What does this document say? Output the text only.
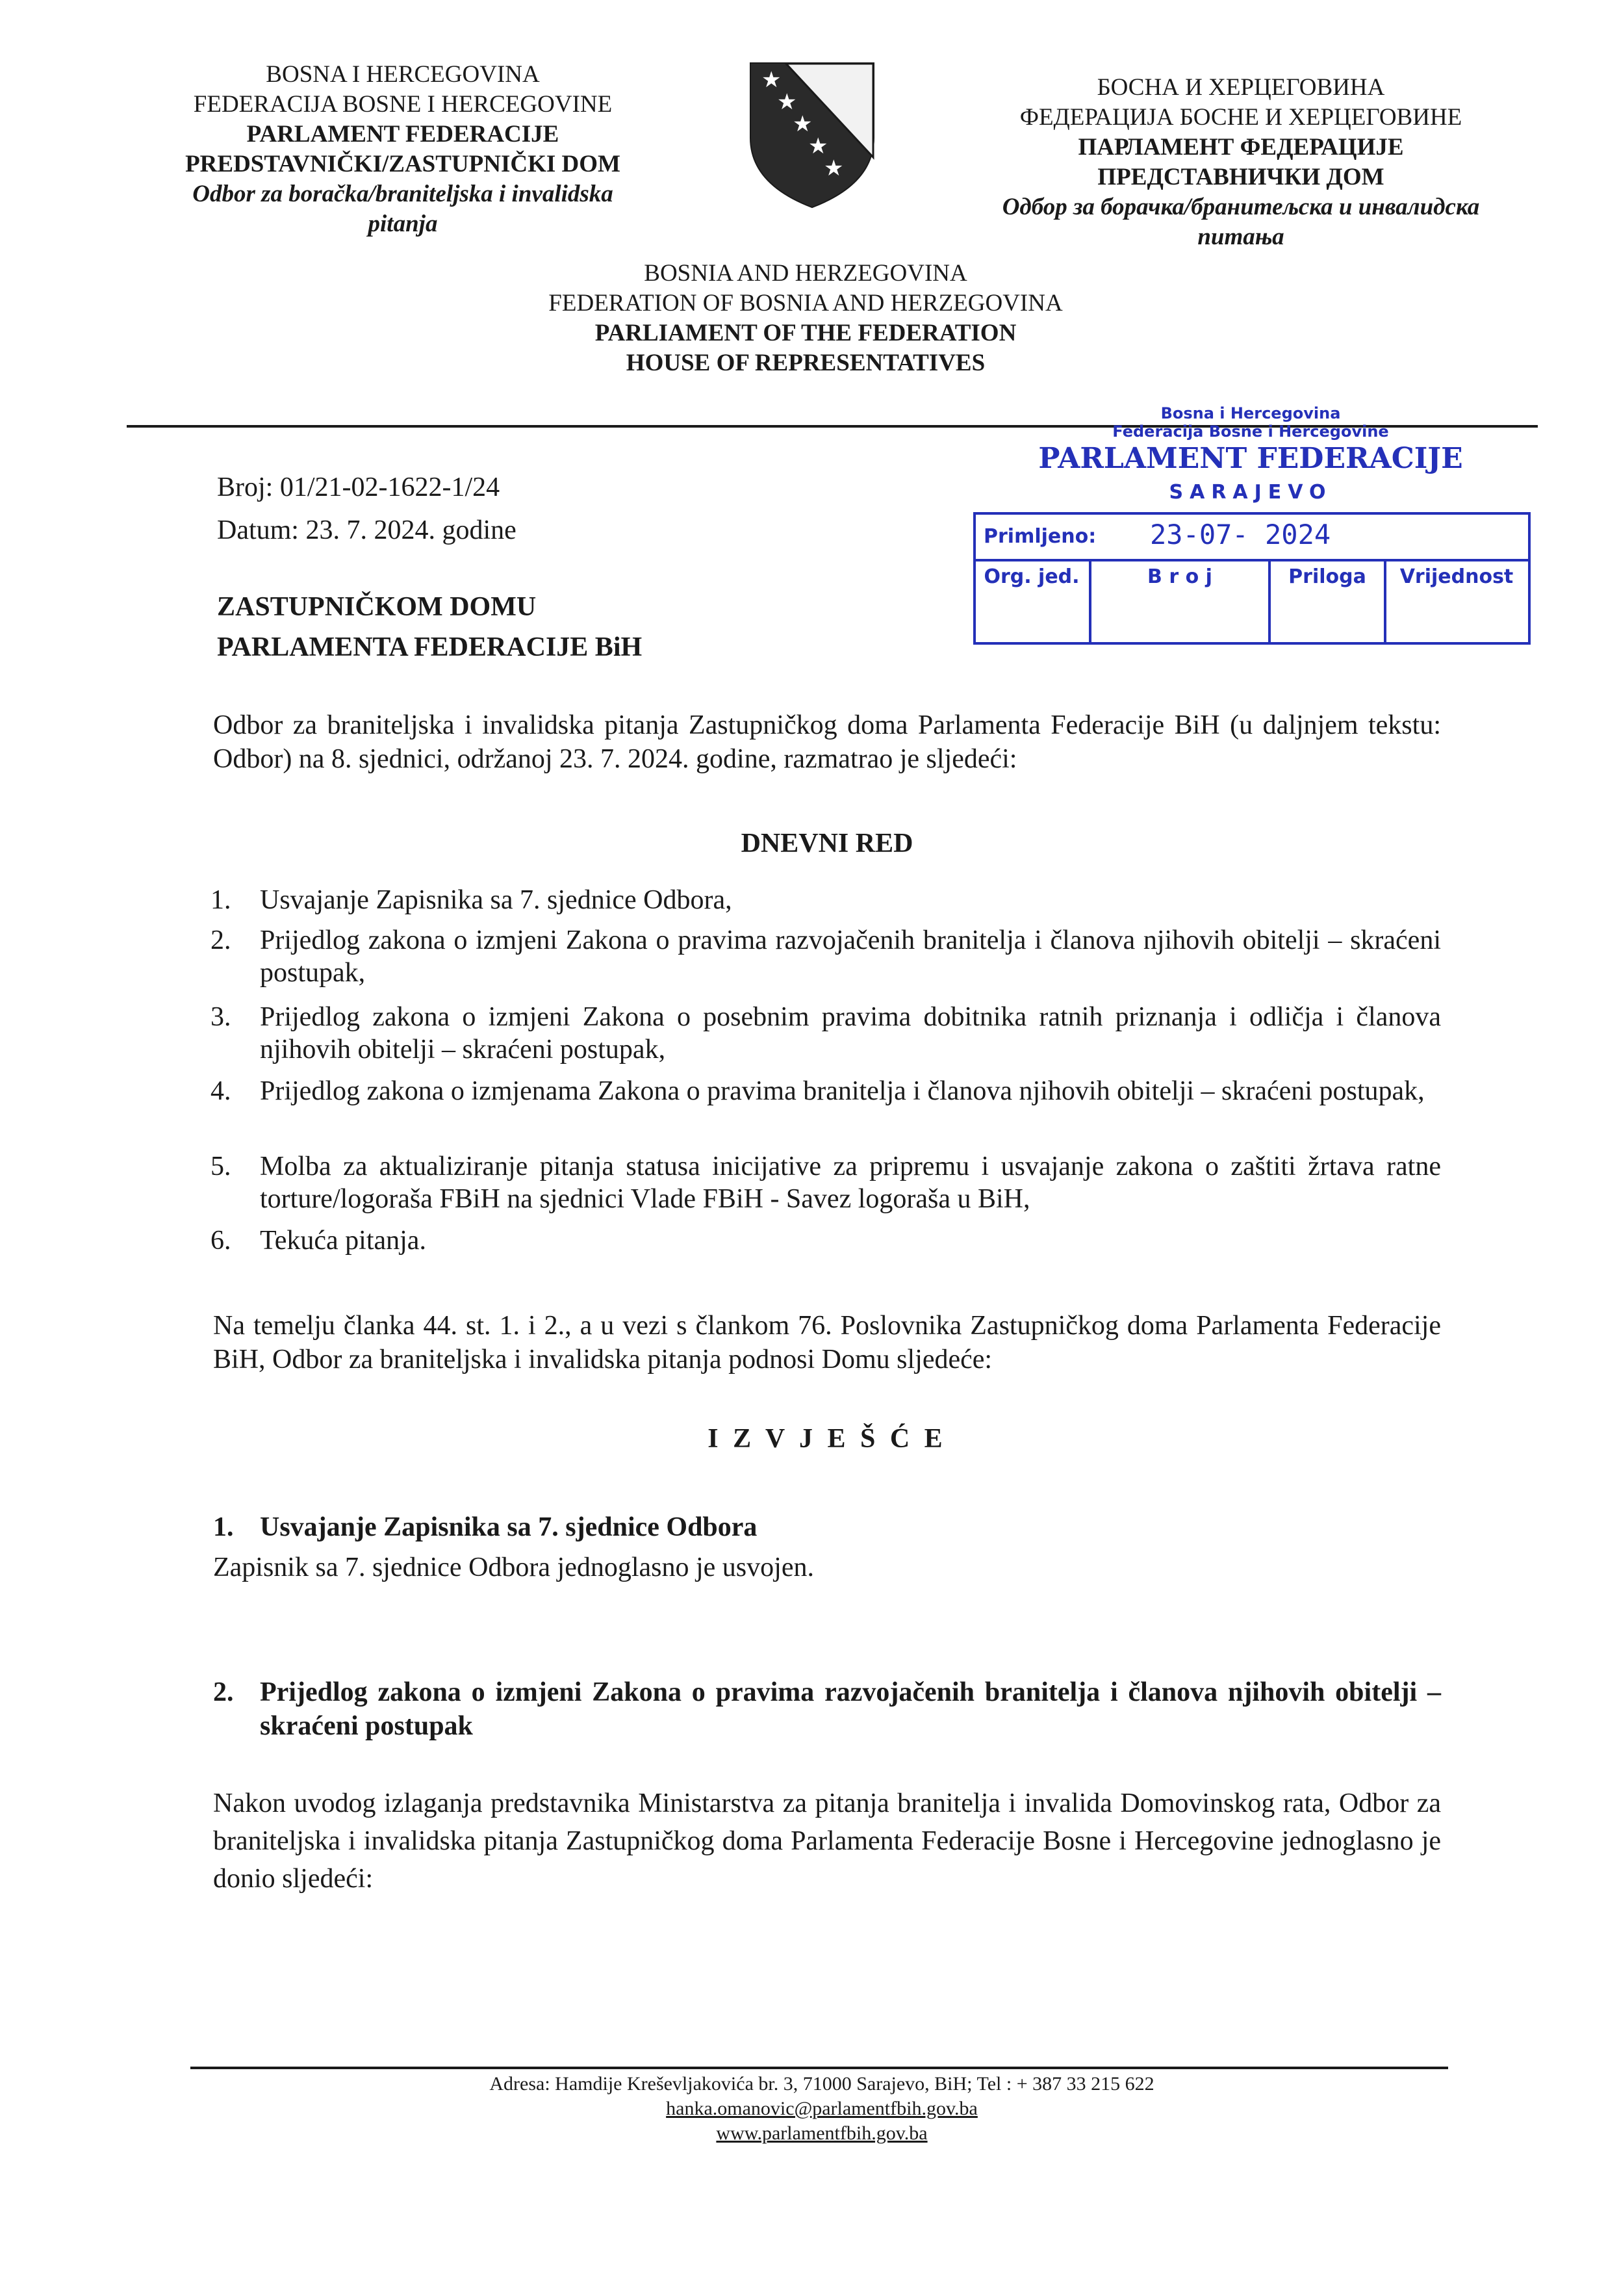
BOSNA I HERCEGOVINA
FEDERACIJA BOSNE I HERCEGOVINE
PARLAMENT FEDERACIJE
PREDSTAVNIČKI/ZASTUPNIČKI DOM
Odbor za boračka/braniteljska i invalidska
pitanja
★
★
★
★
★
БОСНА И ХЕРЦЕГОВИНА
ФЕДЕРАЦИЈА БОСНЕ И ХЕРЦЕГОВИНЕ
ПАРЛАМЕНТ ФЕДЕРАЦИЈЕ
ПРЕДСТАВНИЧКИ ДОМ
Одбор за борачка/бранитељска и инвалидска
питања
BOSNIA AND HERZEGOVINA
FEDERATION OF BOSNIA AND HERZEGOVINA
PARLIAMENT OF THE FEDERATION
HOUSE OF REPRESENTATIVES
Bosna i Hercegovina
Federacija Bosne i Hercegovine
PARLAMENT FEDERACIJE
SARAJEVO
Primljeno: 23-07- 2024
Org. jed.	B r o j	Priloga	Vrijednost
Broj: 01/21-02-1622-1/24
Datum: 23. 7. 2024. godine
ZASTUPNIČKOM DOMU
PARLAMENTA FEDERACIJE BiH
Odbor za braniteljska i invalidska pitanja Zastupničkog doma Parlamenta Federacije BiH (u daljnjem tekstu: Odbor) na 8. sjednici, održanoj 23. 7. 2024. godine, razmatrao je sljedeći:
DNEVNI RED
1. Usvajanje Zapisnika sa 7. sjednice Odbora,
2. Prijedlog zakona o izmjeni Zakona o pravima razvojačenih branitelja i članova njihovih obitelji – skraćeni postupak,
3. Prijedlog zakona o izmjeni Zakona o posebnim pravima dobitnika ratnih priznanja i odličja i članova njihovih obitelji – skraćeni postupak,
4. Prijedlog zakona o izmjenama Zakona o pravima branitelja i članova njihovih obitelji – skraćeni postupak,
5. Molba za aktualiziranje pitanja statusa inicijative za pripremu i usvajanje zakona o zaštiti žrtava ratne torture/logoraša FBiH na sjednici Vlade FBiH - Savez logoraša u BiH,
6. Tekuća pitanja.
Na temelju članka 44. st. 1. i 2., a u vezi s člankom 76. Poslovnika Zastupničkog doma Parlamenta Federacije BiH, Odbor za braniteljska i invalidska pitanja podnosi Domu sljedeće:
I Z V J E Š Ć E
1. Usvajanje Zapisnika sa 7. sjednice Odbora
Zapisnik sa 7. sjednice Odbora jednoglasno je usvojen.
2. Prijedlog zakona o izmjeni Zakona o pravima razvojačenih branitelja i članova njihovih obitelji – skraćeni postupak
Nakon uvodog izlaganja predstavnika Ministarstva za pitanja branitelja i invalida Domovinskog rata, Odbor za braniteljska i invalidska pitanja Zastupničkog doma Parlamenta Federacije Bosne i Hercegovine jednoglasno je donio sljedeći:
Adresa: Hamdije Kreševljakovića br. 3, 71000 Sarajevo, BiH; Tel : + 387 33 215 622
hanka.omanovic@parlamentfbih.gov.ba
www.parlamentfbih.gov.ba
